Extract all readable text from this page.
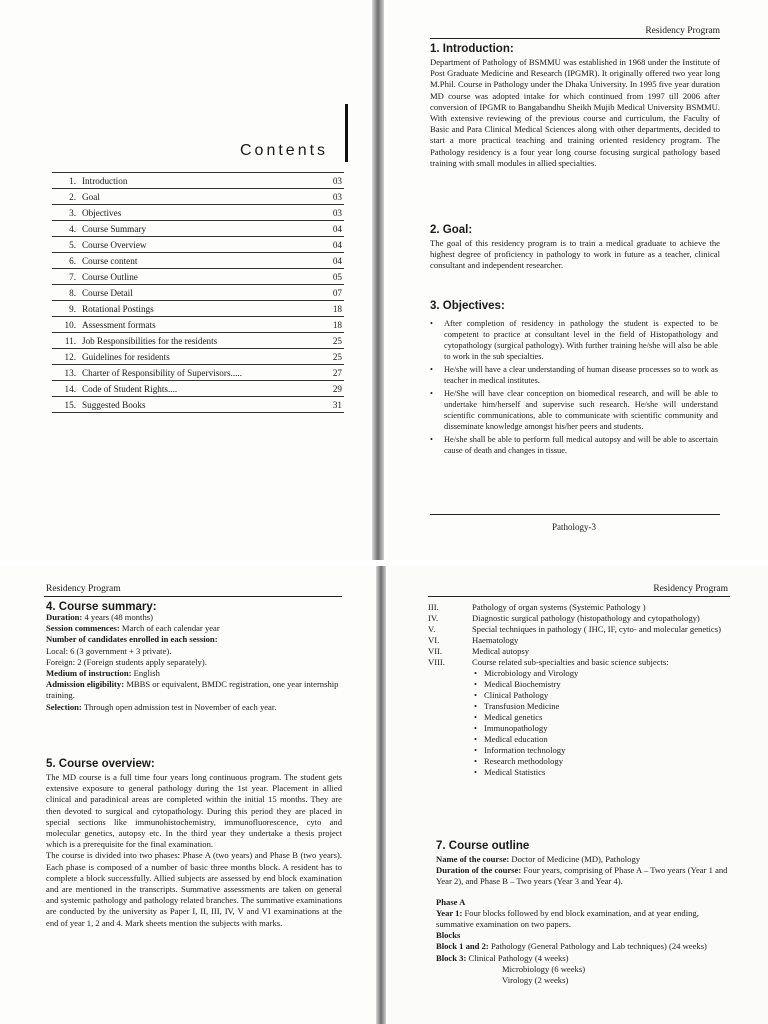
Contents
1.	Introduction	03
2.	Goal	03
3.	Objectives	03
4.	Course Summary	04
5.	Course Overview	04
6.	Course content	04
7.	Course Outline	05
8.	Course Detail	07
9.	Rotational Postings	18
10.	Assessment formats	18
11.	Job Responsibilities for the residents	25
12.	Guidelines for residents	25
13.	Charter of Responsibility of Supervisors.....	27
14.	Code of Student Rights....	29
15.	Suggested Books	31
Residency Program
1. Introduction:

Department of Pathology of BSMMU was established in 1968 under the Institute of Post Graduate Medicine and Research (IPGMR). It originally offered two year long M.Phil. Course in Pathology under the Dhaka University. In 1995 five year duration MD course was adopted intake for which continued from 1997 till 2006 after conversion of IPGMR to Bangabandhu Sheikh Mujib Medical University BSMMU. With extensive reviewing of the previous course and curriculum, the Faculty of Basic and Para Clinical Medical Sciences along with other departments, decided to start a more practical teaching and training oriented residency program. The Pathology residency is a four year long course focusing surgical pathology based training with small modules in allied specialties.

2. Goal:

The goal of this residency program is to train a medical graduate to achieve the highest degree of proficiency in pathology to work in future as a teacher, clinical consultant and independent researcher.

3. Objectives:
Pathology-3
• After completion of residency in pathology the student is expected to be competent to practice at consultant level in the field of Histopathology and cytopathology (surgical pathology). With further training he/she will also be able to work in the sub specialties.
• He/she will have a clear understanding of human disease processes so to work as teacher in medical institutes.
• He/She will have clear conception on biomedical research, and will be able to undertake him/herself and supervise such research. He/she will understand scientific communications, able to communicate with scientific community and disseminate knowledge amongst his/her peers and students.
• He/she shall be able to perform full medical autopsy and will be able to ascertain cause of death and changes in tissue.
Residency Program
4. Course summary:
Duration: 4 years (48 months)
Session commences: March of each calendar year
Number of candidates enrolled in each session:
Local: 6 (3 government + 3 private).
Foreign: 2 (Foreign students apply separately).
Medium of instruction: English
Admission eligibility: MBBS or equivalent, BMDC registration, one year internship training.
Selection: Through open admission test in November of each year.
5. Course overview:

The MD course is a full time four years long continuous program. The student gets extensive exposure to general pathology during the 1st year. Placement in allied clinical and paradinical areas are completed within the initial 15 months. They are then devoted to surgical and cytopathology. During this period they are placed in special sections like immunohistochemistry, immunofluorescence, cyto and molecular genetics, autopsy etc. In the third year they undertake a thesis project which is a prerequisite for the final examination.

The course is divided into two phases: Phase A (two years) and Phase B (two years). Each phase is composed of a number of basic three months block. A resident has to complete a block successfully. Allied subjects are assessed by end block examination and are mentioned in the transcripts. Summative assessments are taken on general and systemic pathology and pathology related branches. The summative examinations are conducted by the university as Paper I, II, III, IV, V and VI examinations at the end of year 1, 2 and 4. Mark sheets mention the subjects with marks.

Residency Program
III.	Pathology of organ systems (Systemic Pathology )
IV.	Diagnostic surgical pathology (histopathology and cytopathology)
V.	Special techniques in pathology ( IHC, IF, cyto- and molecular genetics)
VI.	Haematology
VII.	Medical autopsy
VIII.	Course related sub-specialties and basic science subjects:
• Microbiology and Virology
• Medical Biochemistry
• Clinical Pathology
• Transfusion Medicine
• Medical genetics
• Immunopathology
• Medical education
• Information technology
• Research methodology
• Medical Statistics
7. Course outline
Name of the course: Doctor of Medicine (MD), Pathology
Duration of the course: Four years, comprising of Phase A – Two years (Year 1 and Year 2), and Phase B – Two years (Year 3 and Year 4).
Phase A
Year 1: Four blocks followed by end block examination, and at year ending, summative examination on two papers.
Blocks
Block 1 and 2: Pathology (General Pathology and Lab techniques) (24 weeks)
Block 3: Clinical Pathology (4 weeks)
Microbiology (6 weeks)
Virology (2 weeks)
